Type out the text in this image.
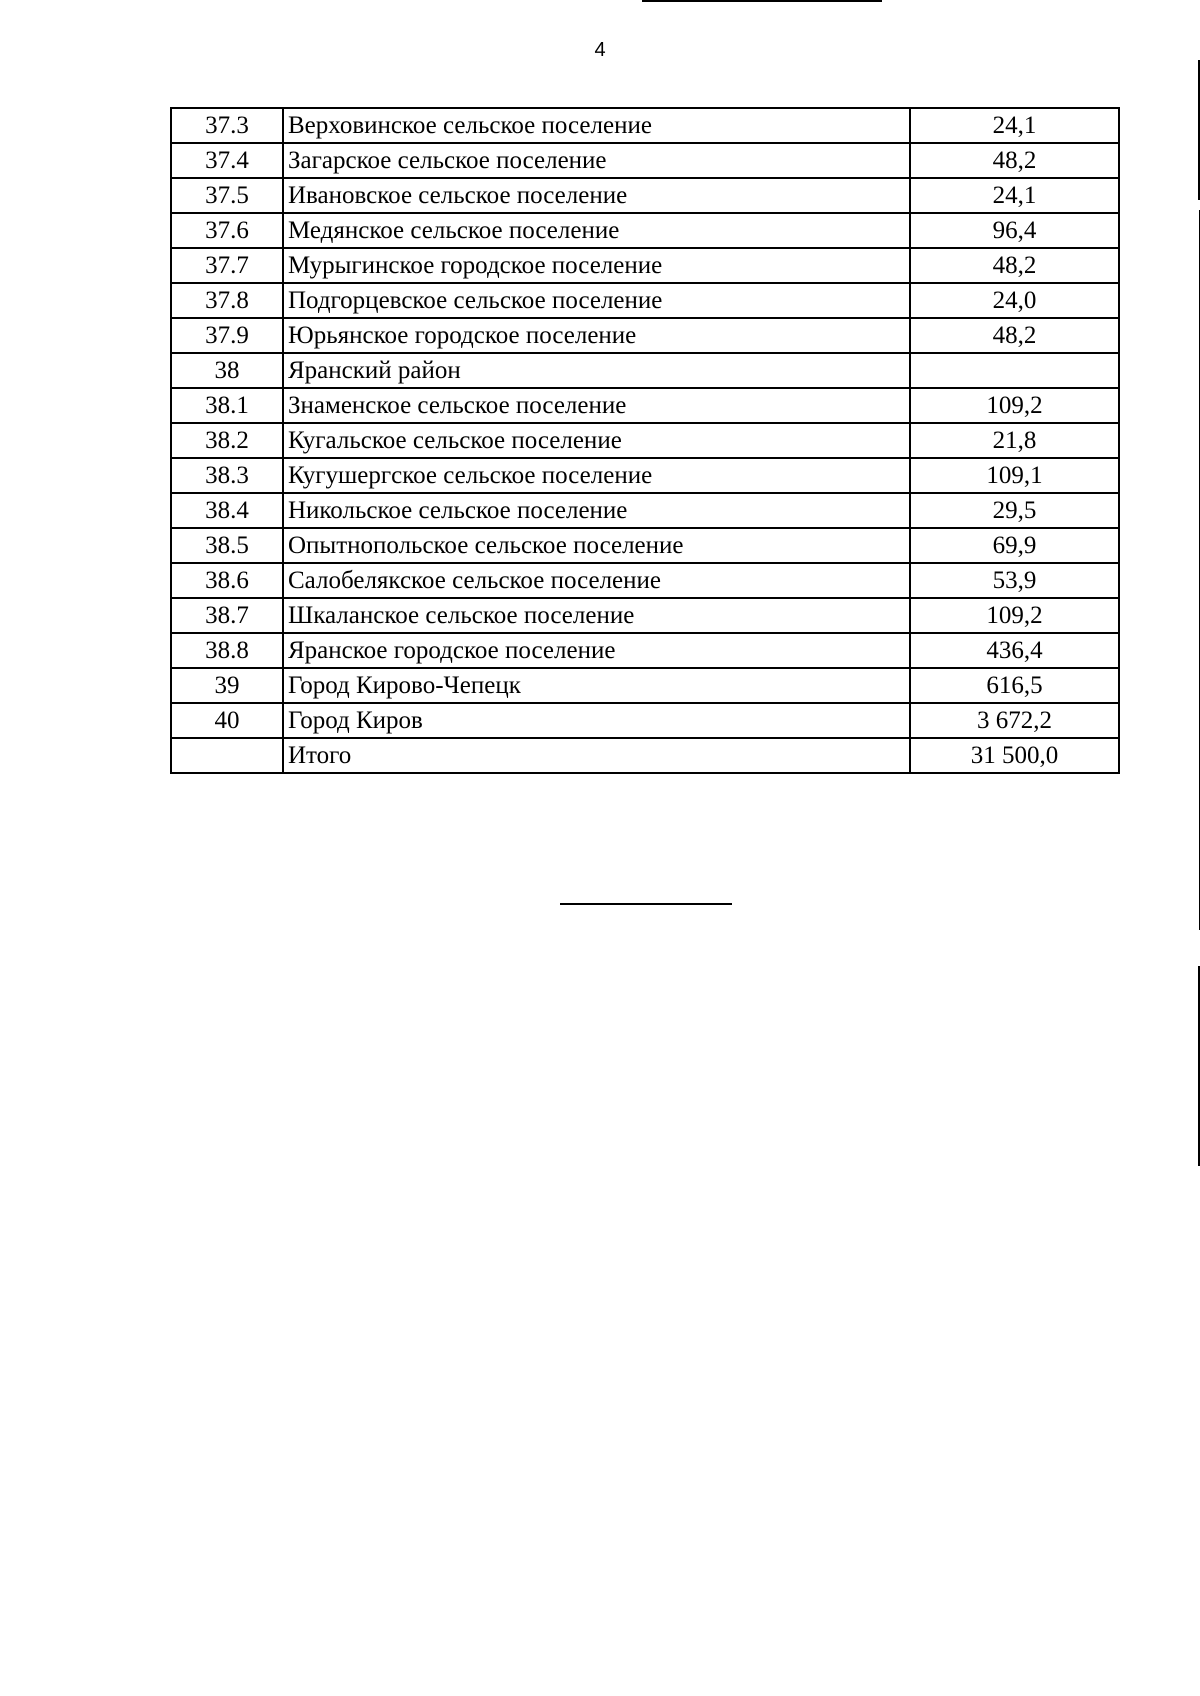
4
37.3	Верховинское сельское поселение	24,1
37.4	Загарское сельское поселение	48,2
37.5	Ивановское сельское поселение	24,1
37.6	Медянское сельское поселение	96,4
37.7	Мурыгинское городское поселение	48,2
37.8	Подгорцевское сельское поселение	24,0
37.9	Юрьянское городское поселение	48,2
38	Яранский район	
38.1	Знаменское сельское поселение	109,2
38.2	Кугальское сельское поселение	21,8
38.3	Кугушергское сельское поселение	109,1
38.4	Никольское сельское поселение	29,5
38.5	Опытнопольское сельское поселение	69,9
38.6	Салобелякское сельское поселение	53,9
38.7	Шкаланское сельское поселение	109,2
38.8	Яранское городское поселение	436,4
39	Город Кирово-Чепецк	616,5
40	Город Киров	3 672,2
	Итого	31 500,0
